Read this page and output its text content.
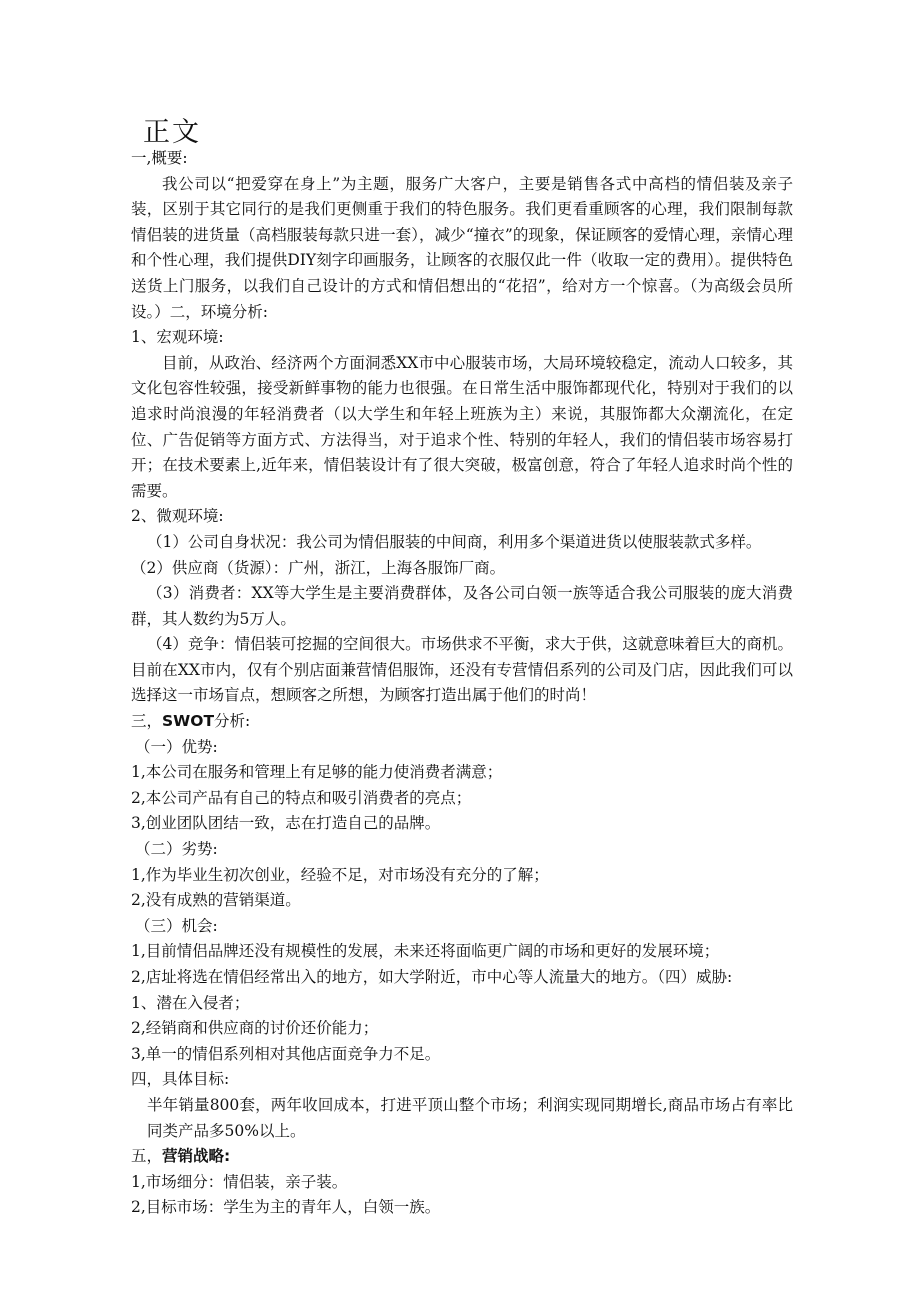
正文

一,概要:

我公司以“把爱穿在身上”为主题，服务广大客户，主要是销售各式中高档的情侣装及亲子装，区别于其它同行的是我们更侧重于我们的特色服务。我们更看重顾客的心理，我们限制每款情侣装的进货量（高档服装每款只进一套），减少“撞衣”的现象，保证顾客的爱情心理，亲情心理和个性心理，我们提供DIY刻字印画服务，让顾客的衣服仅此一件（收取一定的费用）。提供特色送货上门服务，以我们自己设计的方式和情侣想出的“花招”，给对方一个惊喜。（为高级会员所设。）二，环境分析:

1、宏观环境:

目前，从政治、经济两个方面洞悉XX市中心服装市场，大局环境较稳定，流动人口较多，其文化包容性较强，接受新鲜事物的能力也很强。在日常生活中服饰都现代化，特别对于我们的以追求时尚浪漫的年轻消费者（以大学生和年轻上班族为主）来说，其服饰都大众潮流化，在定位、广告促销等方面方式、方法得当，对于追求个性、特别的年轻人，我们的情侣装市场容易打开；在技术要素上,近年来，情侣装设计有了很大突破，极富创意，符合了年轻人追求时尚个性的需要。

2、微观环境:

（1）公司自身状况：我公司为情侣服装的中间商，利用多个渠道进货以使服装款式多样。

（2）供应商（货源）：广州，浙江，上海各服饰厂商。

（3）消费者：XX等大学生是主要消费群体，及各公司白领一族等适合我公司服装的庞大消费群，其人数约为5万人。

（4）竞争：情侣装可挖掘的空间很大。市场供求不平衡，求大于供，这就意味着巨大的商机。目前在XX市内，仅有个别店面兼营情侣服饰，还没有专营情侣系列的公司及门店，因此我们可以选择这一市场盲点，想顾客之所想，为顾客打造出属于他们的时尚！

三，SWOT分析:

（一）优势:

1,本公司在服务和管理上有足够的能力使消费者满意；

2,本公司产品有自己的特点和吸引消费者的亮点；

3,创业团队团结一致，志在打造自己的品牌。

（二）劣势:

1,作为毕业生初次创业，经验不足，对市场没有充分的了解；

2,没有成熟的营销渠道。

（三）机会:

1,目前情侣品牌还没有规模性的发展，未来还将面临更广阔的市场和更好的发展环境；

2,店址将选在情侣经常出入的地方，如大学附近，市中心等人流量大的地方。（四）威胁:

1、潜在入侵者；

2,经销商和供应商的讨价还价能力；

3,单一的情侣系列相对其他店面竞争力不足。

四，具体目标:

半年销量800套，两年收回成本，打进平顶山整个市场；利润实现同期增长,商品市场占有率比同类产品多50%以上。

五，营销战略:

1,市场细分：情侣装，亲子装。

2,目标市场：学生为主的青年人，白领一族。
